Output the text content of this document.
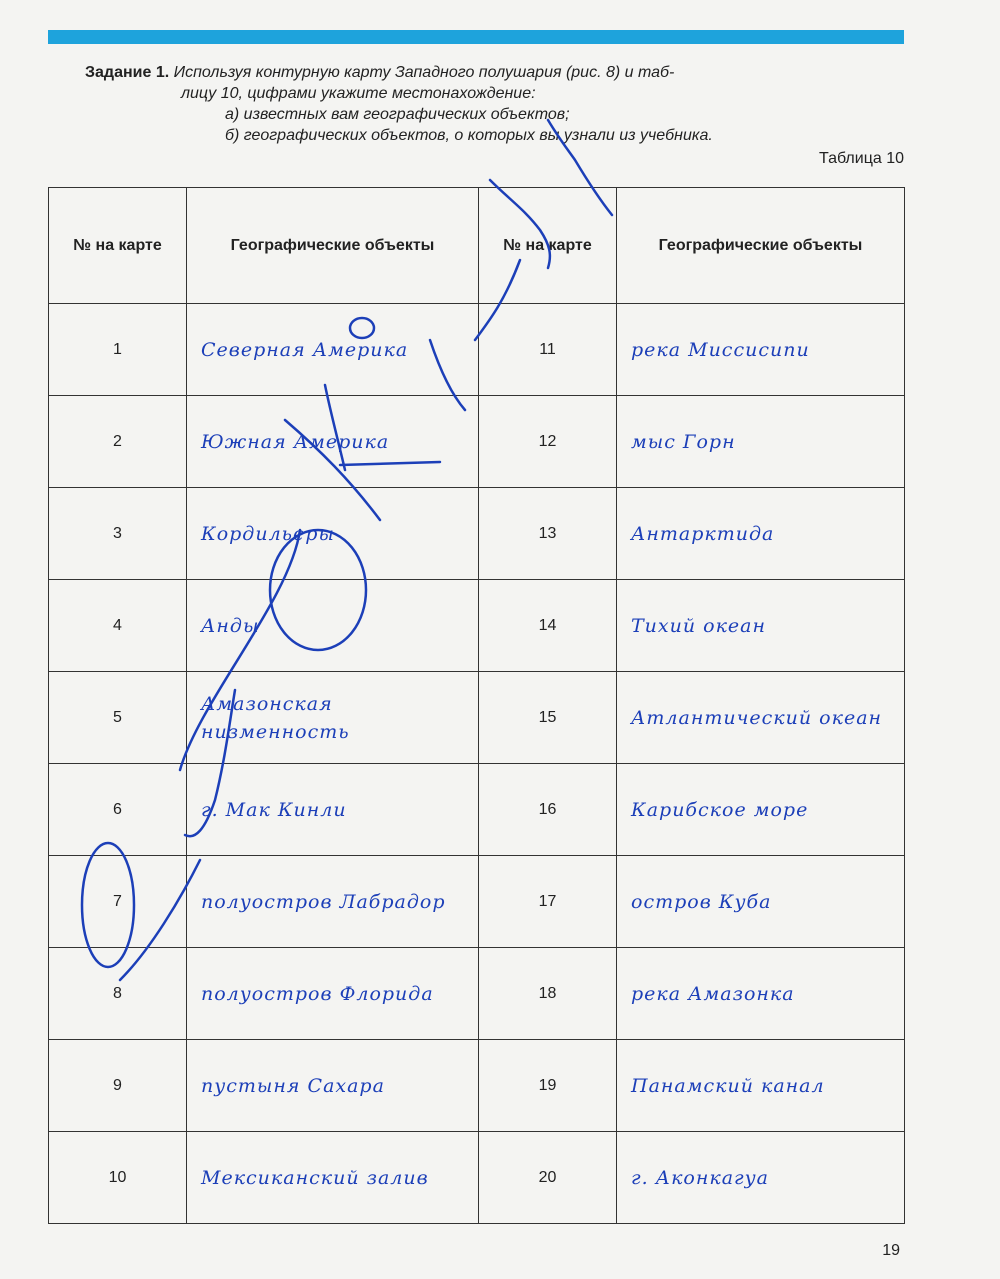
Задание 1. Используя контурную карту Западного полушария (рис. 8) и таб-
лицу 10, цифрами укажите местонахождение:
а) известных вам географических объектов;
б) географических объектов, о которых вы узнали из учебника.
Таблица 10
№ на карте	Географические объекты	№ на карте	Географические объекты
1	Северная Америка	11	река Миссисипи
2	Южная Америка	12	мыс Горн
3	Кордильеры	13	Антарктида
4	Анды	14	Тихий океан
5	Амазонская низменность	15	Атлантический океан
6	г. Мак Кинли	16	Карибское море
7	полуостров Лабрадор	17	остров Куба
8	полуостров Флорида	18	река Амазонка
9	пустыня Сахара	19	Панамский канал
10	Мексиканский залив	20	г. Аконкагуа
19
